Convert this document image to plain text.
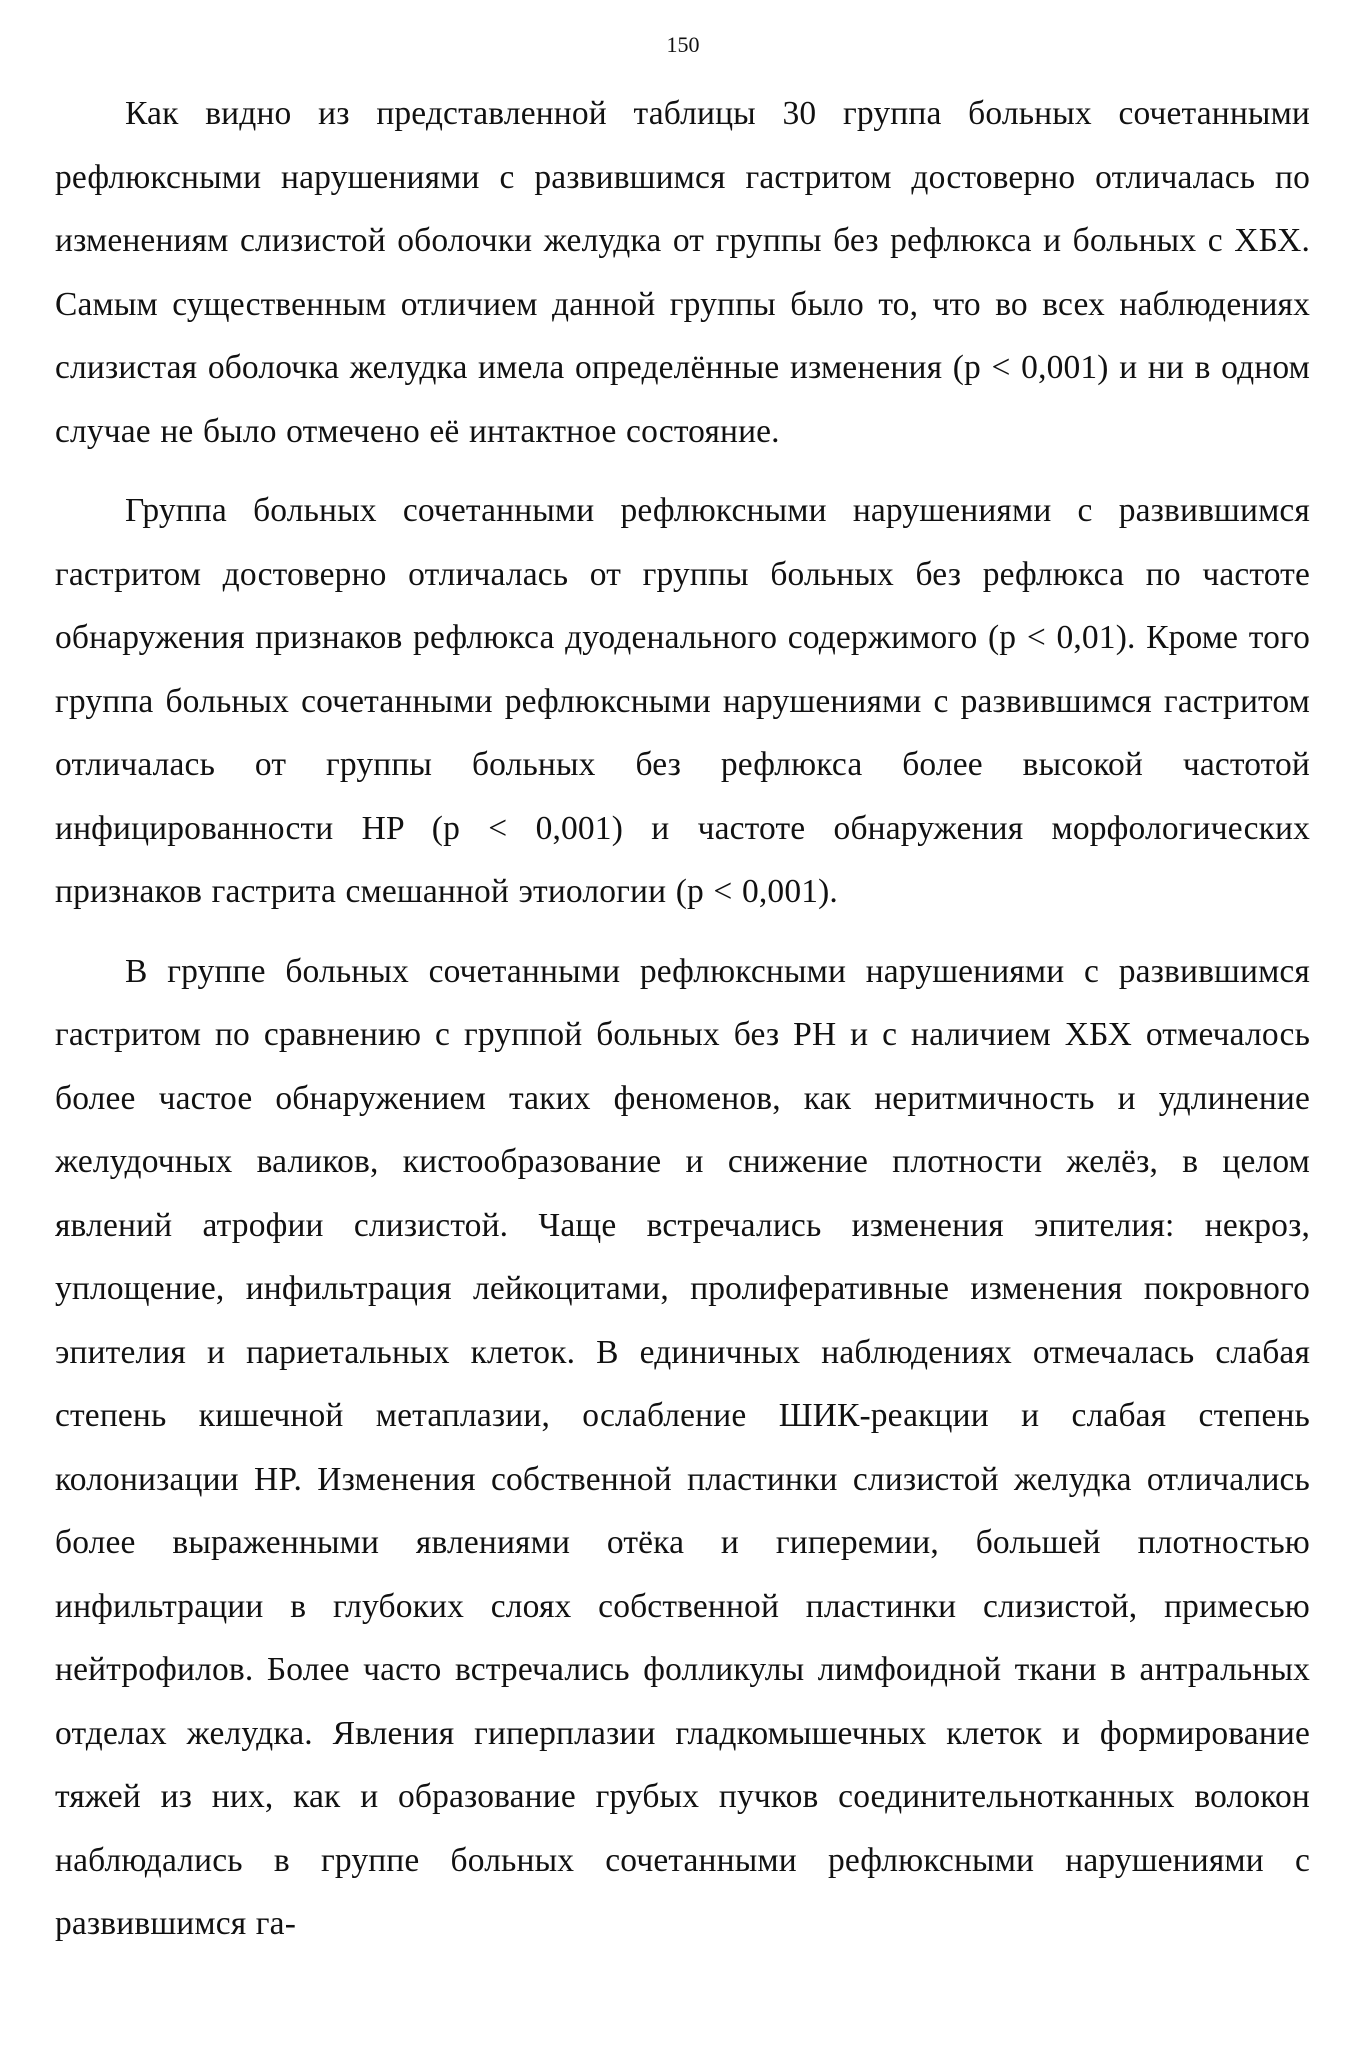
150

Как видно из представленной таблицы 30 группа больных сочетанными рефлюксными нарушениями с развившимся гастритом достоверно отличалась по изменениям слизистой оболочки желудка от группы без рефлюкса и больных с ХБХ. Самым существенным отличием данной группы было то, что во всех наблюдениях слизистая оболочка желудка имела определённые изменения (p < 0,001) и ни в одном случае не было отмечено её интактное состояние.

Группа больных сочетанными рефлюксными нарушениями с развившимся гастритом достоверно отличалась от группы больных без рефлюкса по частоте обнаружения признаков рефлюкса дуоденального содержимого (p < 0,01). Кроме того группа больных сочетанными рефлюксными нарушениями с развившимся гастритом отличалась от группы больных без рефлюкса более высокой частотой инфицированности HP (p < 0,001) и частоте обнаружения морфологических признаков гастрита смешанной этиологии (p < 0,001).

В группе больных сочетанными рефлюксными нарушениями с развившимся гастритом по сравнению с группой больных без РН и с наличием ХБХ отмечалось более частое обнаружением таких феноменов, как неритмичность и удлинение желудочных валиков, кистообразование и снижение плотности желёз, в целом явлений атрофии слизистой. Чаще встречались изменения эпителия: некроз, уплощение, инфильтрация лейкоцитами, пролиферативные изменения покровного эпителия и париетальных клеток. В единичных наблюдениях отмечалась слабая степень кишечной метаплазии, ослабление ШИК-реакции и слабая степень колонизации HP. Изменения собственной пластинки слизистой желудка отличались более выраженными явлениями отёка и гиперемии, большей плотностью инфильтрации в глубоких слоях собственной пластинки слизистой, примесью нейтрофилов. Более часто встречались фолликулы лимфоидной ткани в антральных отделах желудка. Явления гиперплазии гладкомышечных клеток и формирование тяжей из них, как и образование грубых пучков соединительнотканных волокон наблюдались в группе больных сочетанными рефлюксными нарушениями с развившимся га-
